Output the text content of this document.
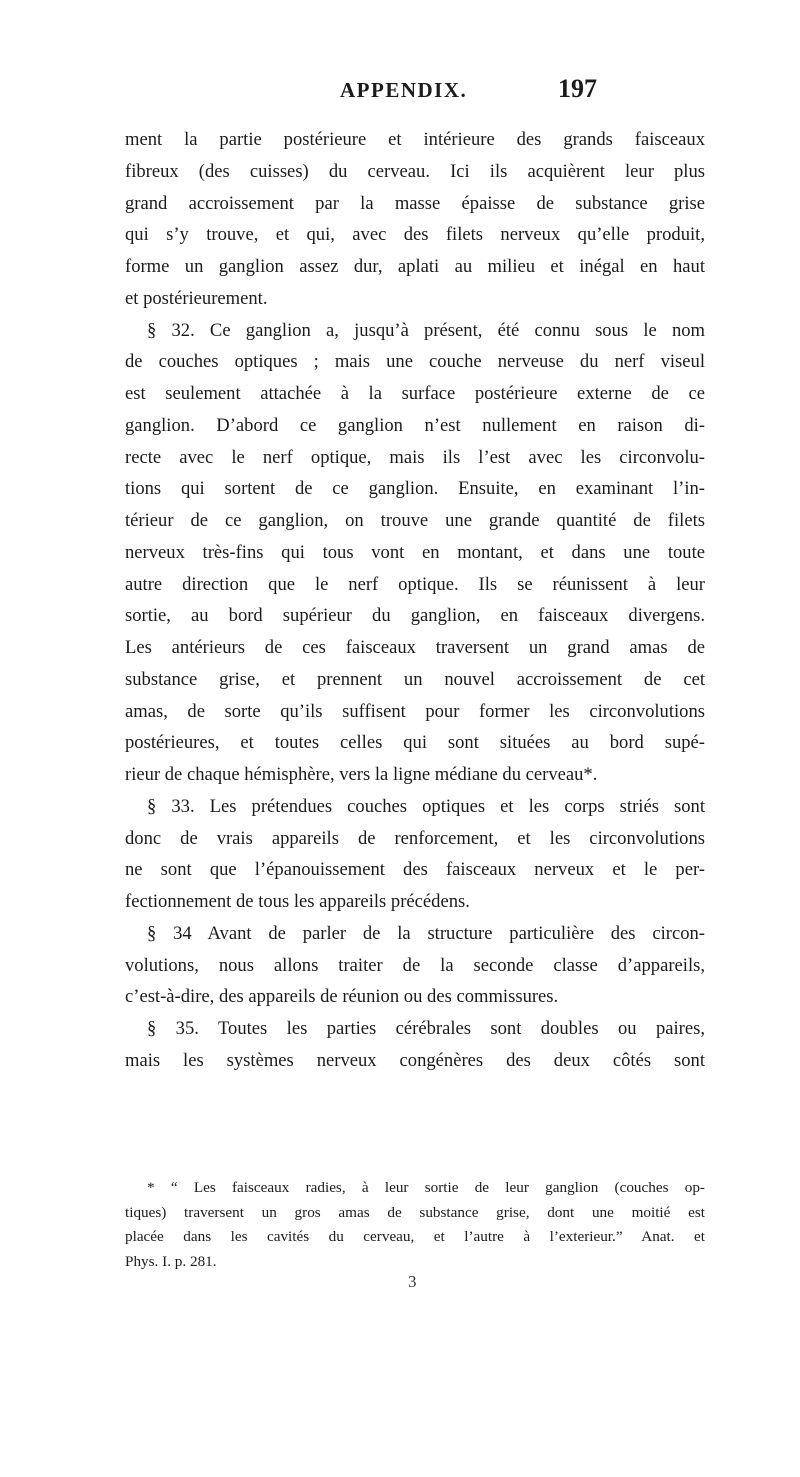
APPENDIX.	197
ment la partie postérieure et intérieure des grands faisceaux
fibreux (des cuisses) du cerveau. Ici ils acquièrent leur plus
grand accroissement par la masse épaisse de substance grise
qui s’y trouve, et qui, avec des filets nerveux qu’elle produit,
forme un ganglion assez dur, aplati au milieu et inégal en haut
et postérieurement.
§ 32. Ce ganglion a, jusqu’à présent, été connu sous le nom
de couches optiques ; mais une couche nerveuse du nerf viseul
est seulement attachée à la surface postérieure externe de ce
ganglion. D’abord ce ganglion n’est nullement en raison di-
recte avec le nerf optique, mais ils l’est avec les circonvolu-
tions qui sortent de ce ganglion. Ensuite, en examinant l’in-
térieur de ce ganglion, on trouve une grande quantité de filets
nerveux très-fins qui tous vont en montant, et dans une toute
autre direction que le nerf optique. Ils se réunissent à leur
sortie, au bord supérieur du ganglion, en faisceaux divergens.
Les antérieurs de ces faisceaux traversent un grand amas de
substance grise, et prennent un nouvel accroissement de cet
amas, de sorte qu’ils suffisent pour former les circonvolutions
postérieures, et toutes celles qui sont situées au bord supé-
rieur de chaque hémisphère, vers la ligne médiane du cerveau*.
§ 33. Les prétendues couches optiques et les corps striés sont
donc de vrais appareils de renforcement, et les circonvolutions
ne sont que l’épanouissement des faisceaux nerveux et le per-
fectionnement de tous les appareils précédens.
§ 34 Avant de parler de la structure particulière des circon-
volutions, nous allons traiter de la seconde classe d’appareils,
c’est-à-dire, des appareils de réunion ou des commissures.
§ 35. Toutes les parties cérébrales sont doubles ou paires,
mais les systèmes nerveux congénères des deux côtés sont
* “ Les faisceaux radies, à leur sortie de leur ganglion (couches op-
tiques) traversent un gros amas de substance grise, dont une moitié est
placée dans les cavités du cerveau, et l’autre à l’exterieur.” Anat. et
Phys. I. p. 281.
3
